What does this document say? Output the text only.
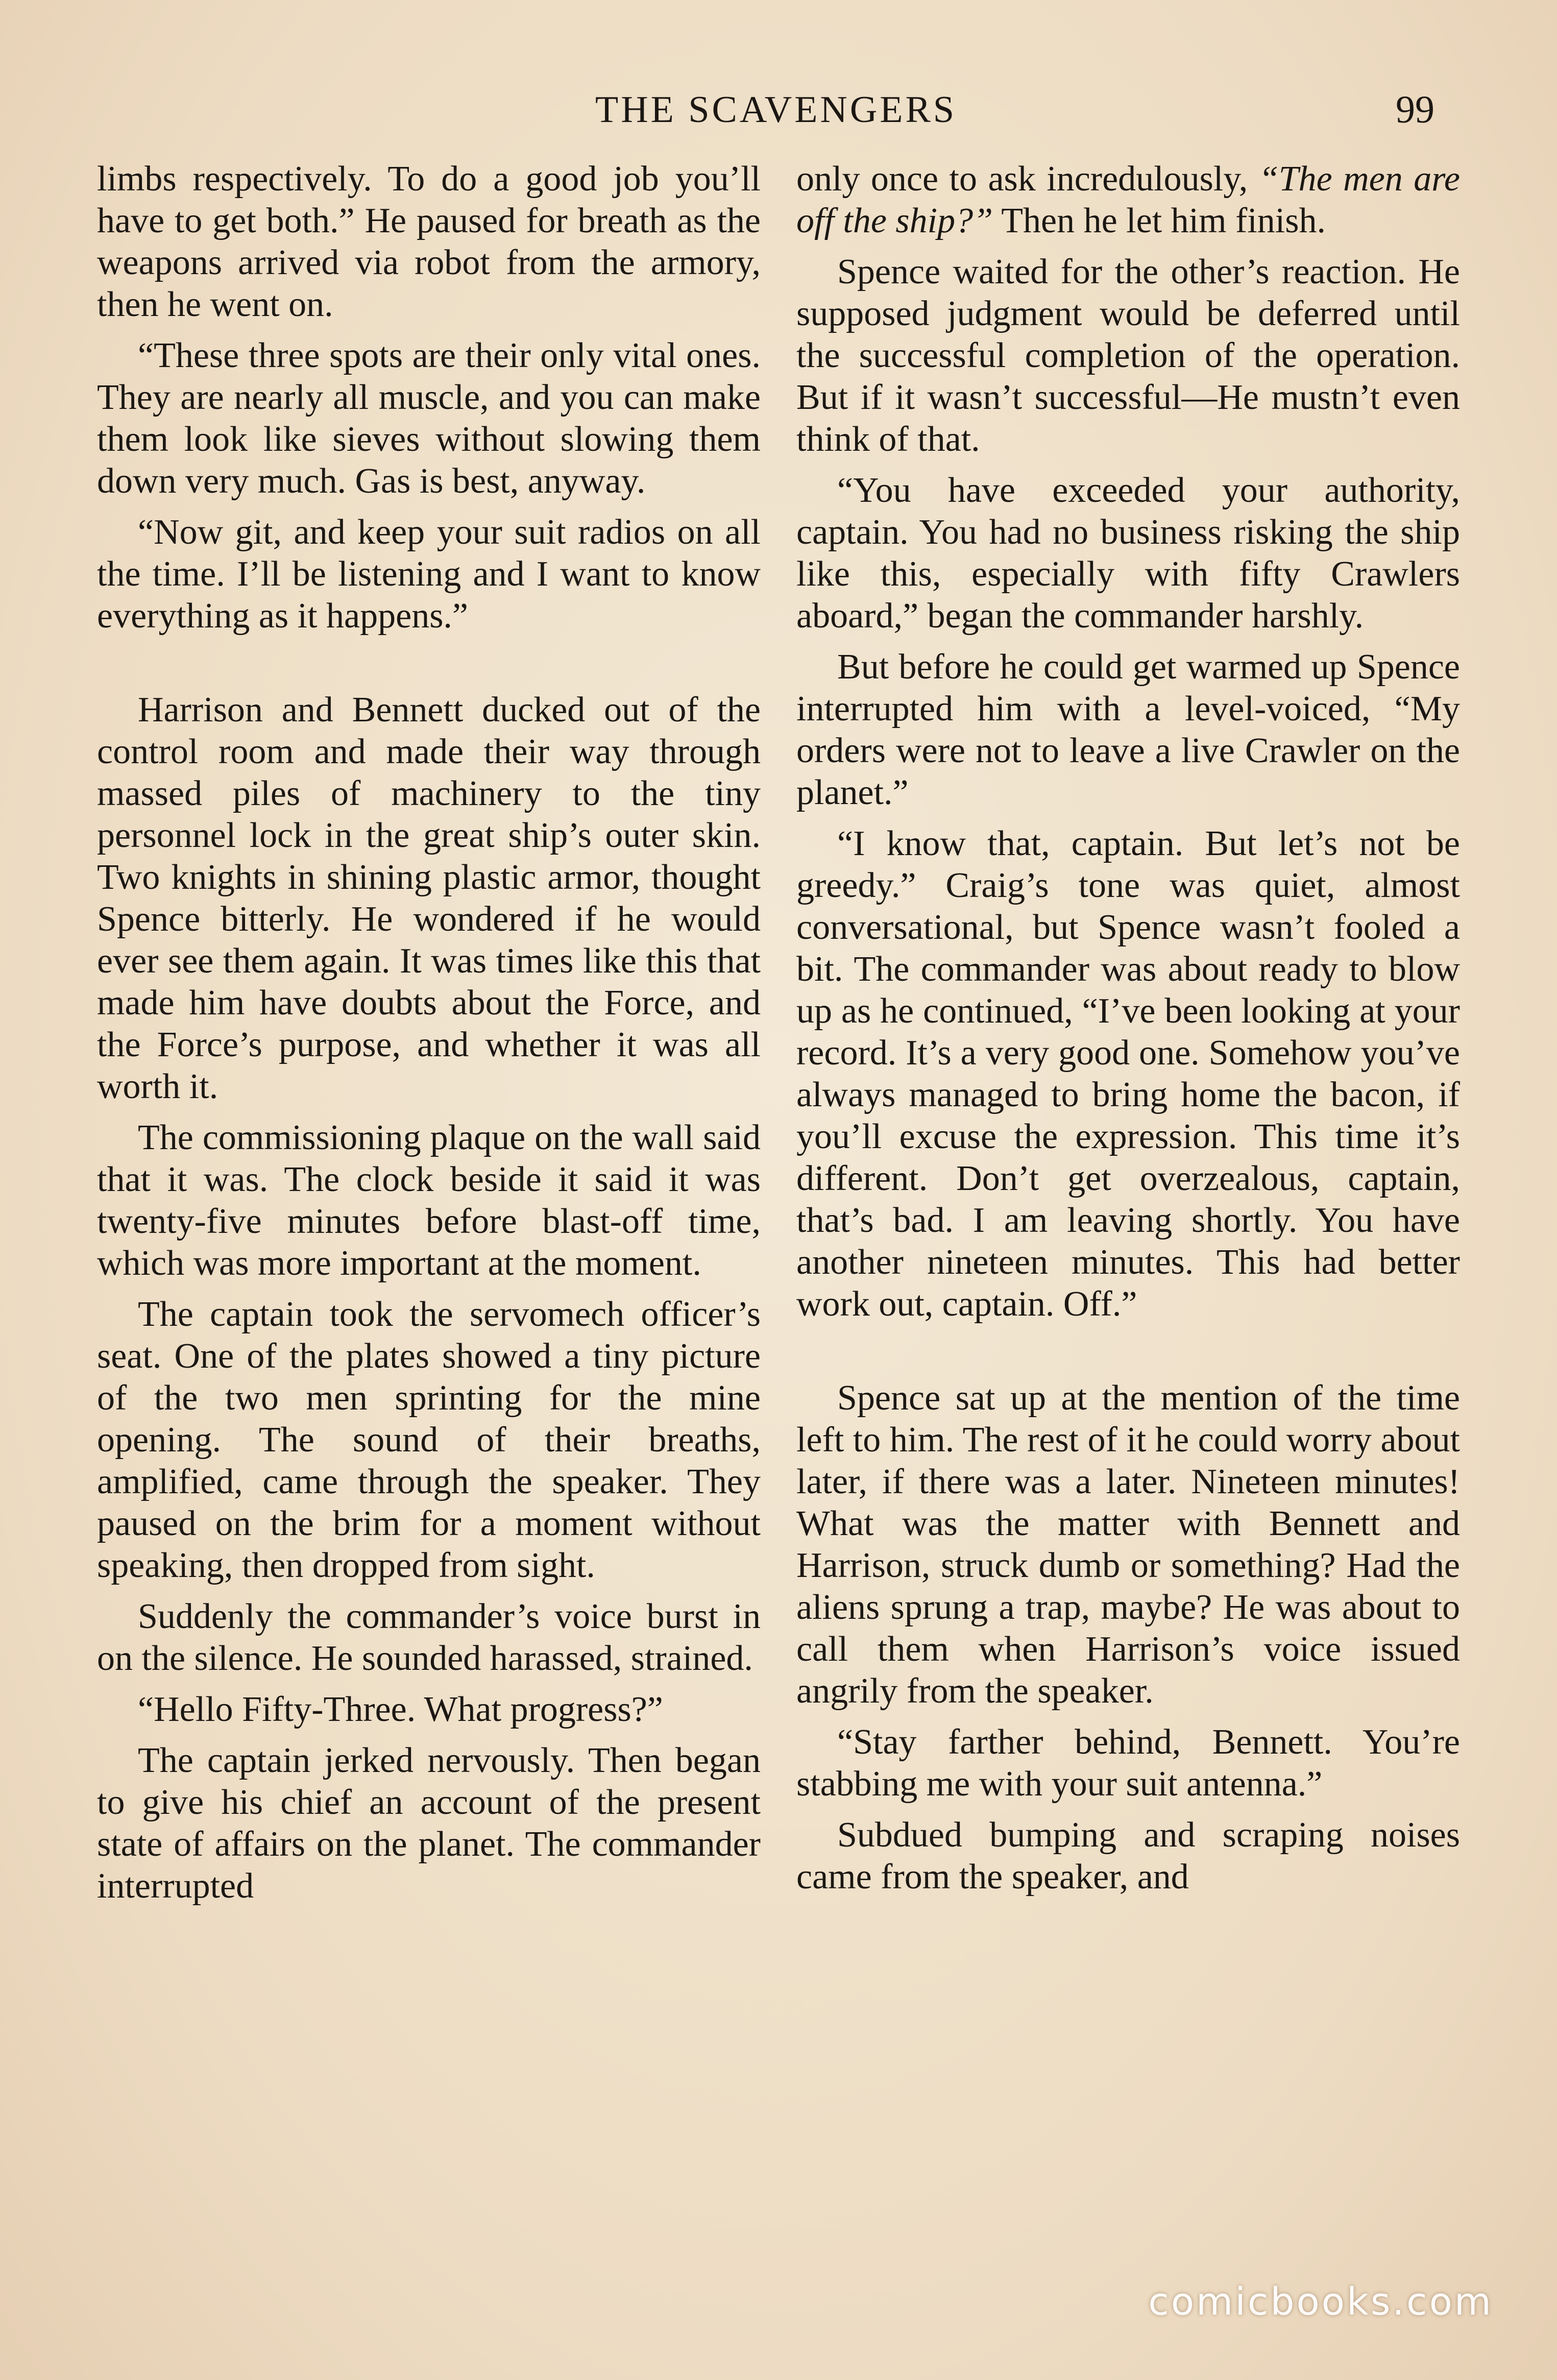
THE SCAVENGERS	99

limbs respectively. To do a good job you’ll have to get both.” He paused for breath as the weapons arrived via robot from the armory, then he went on.

“These three spots are their only vital ones. They are nearly all muscle, and you can make them look like sieves without slowing them down very much. Gas is best, anyway.

“Now git, and keep your suit radios on all the time. I’ll be listening and I want to know everything as it happens.”

Harrison and Bennett ducked out of the control room and made their way through massed piles of machinery to the tiny personnel lock in the great ship’s outer skin. Two knights in shining plastic armor, thought Spence bitterly. He wondered if he would ever see them again. It was times like this that made him have doubts about the Force, and the Force’s purpose, and whether it was all worth it.

The commissioning plaque on the wall said that it was. The clock beside it said it was twenty-five minutes before blast-off time, which was more important at the moment.

The captain took the servomech officer’s seat. One of the plates showed a tiny picture of the two men sprinting for the mine opening. The sound of their breaths, amplified, came through the speaker. They paused on the brim for a moment without speaking, then dropped from sight.

Suddenly the commander’s voice burst in on the silence. He sounded harassed, strained.

“Hello Fifty-Three. What progress?”

The captain jerked nervously. Then began to give his chief an account of the present state of affairs on the planet. The commander interrupted

only once to ask incredulously, “The men are off the ship?” Then he let him finish.

Spence waited for the other’s reaction. He supposed judgment would be deferred until the successful completion of the operation. But if it wasn’t successful—He mustn’t even think of that.

“You have exceeded your authority, captain. You had no business risking the ship like this, especially with fifty Crawlers aboard,” began the commander harshly.

But before he could get warmed up Spence interrupted him with a level-voiced, “My orders were not to leave a live Crawler on the planet.”

“I know that, captain. But let’s not be greedy.” Craig’s tone was quiet, almost conversational, but Spence wasn’t fooled a bit. The commander was about ready to blow up as he continued, “I’ve been looking at your record. It’s a very good one. Somehow you’ve always managed to bring home the bacon, if you’ll excuse the expression. This time it’s different. Don’t get overzealous, captain, that’s bad. I am leaving shortly. You have another nineteen minutes. This had better work out, captain. Off.”

Spence sat up at the mention of the time left to him. The rest of it he could worry about later, if there was a later. Nineteen minutes! What was the matter with Bennett and Harrison, struck dumb or something? Had the aliens sprung a trap, maybe? He was about to call them when Harrison’s voice issued angrily from the speaker.

“Stay farther behind, Bennett. You’re stabbing me with your suit antenna.”

Subdued bumping and scraping noises came from the speaker, and

comicbooks.com
